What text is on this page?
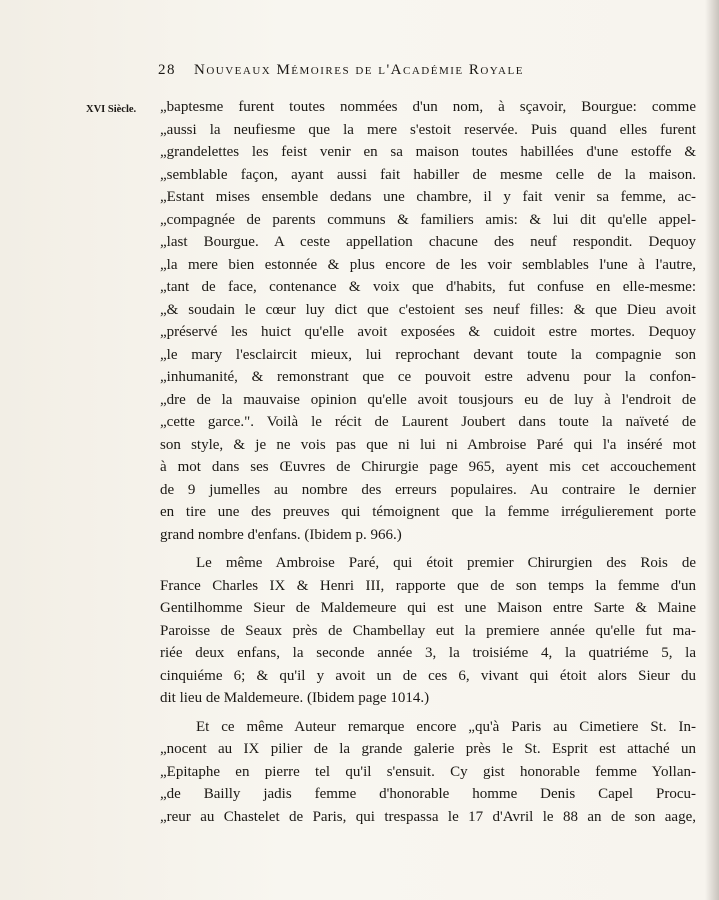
28 Nouveaux Mémoires de l'Académie Royale
XVI Siècle. „baptesme furent toutes nommées d'un nom, à sçavoir, Bourgue: comme
„aussi la neufiesme que la mere s'estoit reservée. Puis quand elles furent
„grandelettes les feist venir en sa maison toutes habillées d'une estoffe &
„semblable façon, ayant aussi fait habiller de mesme celle de la maison.
„Estant mises ensemble dedans une chambre, il y fait venir sa femme, ac-
„compagnée de parents communs & familiers amis: & lui dit qu'elle appel-
„last Bourgue. A ceste appellation chacune des neuf respondit. Dequoy
„la mere bien estonnée & plus encore de les voir semblables l'une à l'autre,
„tant de face, contenance & voix que d'habits, fut confuse en elle-mesme:
„& soudain le cœur luy dict que c'estoient ses neuf filles: & que Dieu avoit
„préservé les huict qu'elle avoit exposées & cuidoit estre mortes. Dequoy
„le mary l'esclaircit mieux, lui reprochant devant toute la compagnie son
„inhumanité, & remonstrant que ce pouvoit estre advenu pour la confon-
„dre de la mauvaise opinion qu'elle avoit tousjours eu de luy à l'endroit de
„cette garce.". Voilà le récit de Laurent Joubert dans toute la naïveté de
son style, & je ne vois pas que ni lui ni Ambroise Paré qui l'a inséré mot
à mot dans ses Œuvres de Chirurgie page 965, ayent mis cet accouchement
de 9 jumelles au nombre des erreurs populaires. Au contraire le dernier
en tire une des preuves qui témoignent que la femme irrégulierement porte
grand nombre d'enfans. (Ibidem p. 966.)
Le même Ambroise Paré, qui étoit premier Chirurgien des Rois de
France Charles IX & Henri III, rapporte que de son temps la femme d'un
Gentilhomme Sieur de Maldemeure qui est une Maison entre Sarte & Maine
Paroisse de Seaux près de Chambellay eut la premiere année qu'elle fut ma-
riée deux enfans, la seconde année 3, la troisiéme 4, la quatriéme 5, la
cinquiéme 6; & qu'il y avoit un de ces 6, vivant qui étoit alors Sieur du
dit lieu de Maldemeure. (Ibidem page 1014.)
Et ce même Auteur remarque encore „qu'à Paris au Cimetiere St. In-
„nocent au IX pilier de la grande galerie près le St. Esprit est attaché un
„Epitaphe en pierre tel qu'il s'ensuit. Cy gist honorable femme Yollan-
„de Bailly jadis femme d'honorable homme Denis Capel Procu-
„reur au Chastelet de Paris, qui trespassa le 17 d'Avril le 88 an de son aage,
